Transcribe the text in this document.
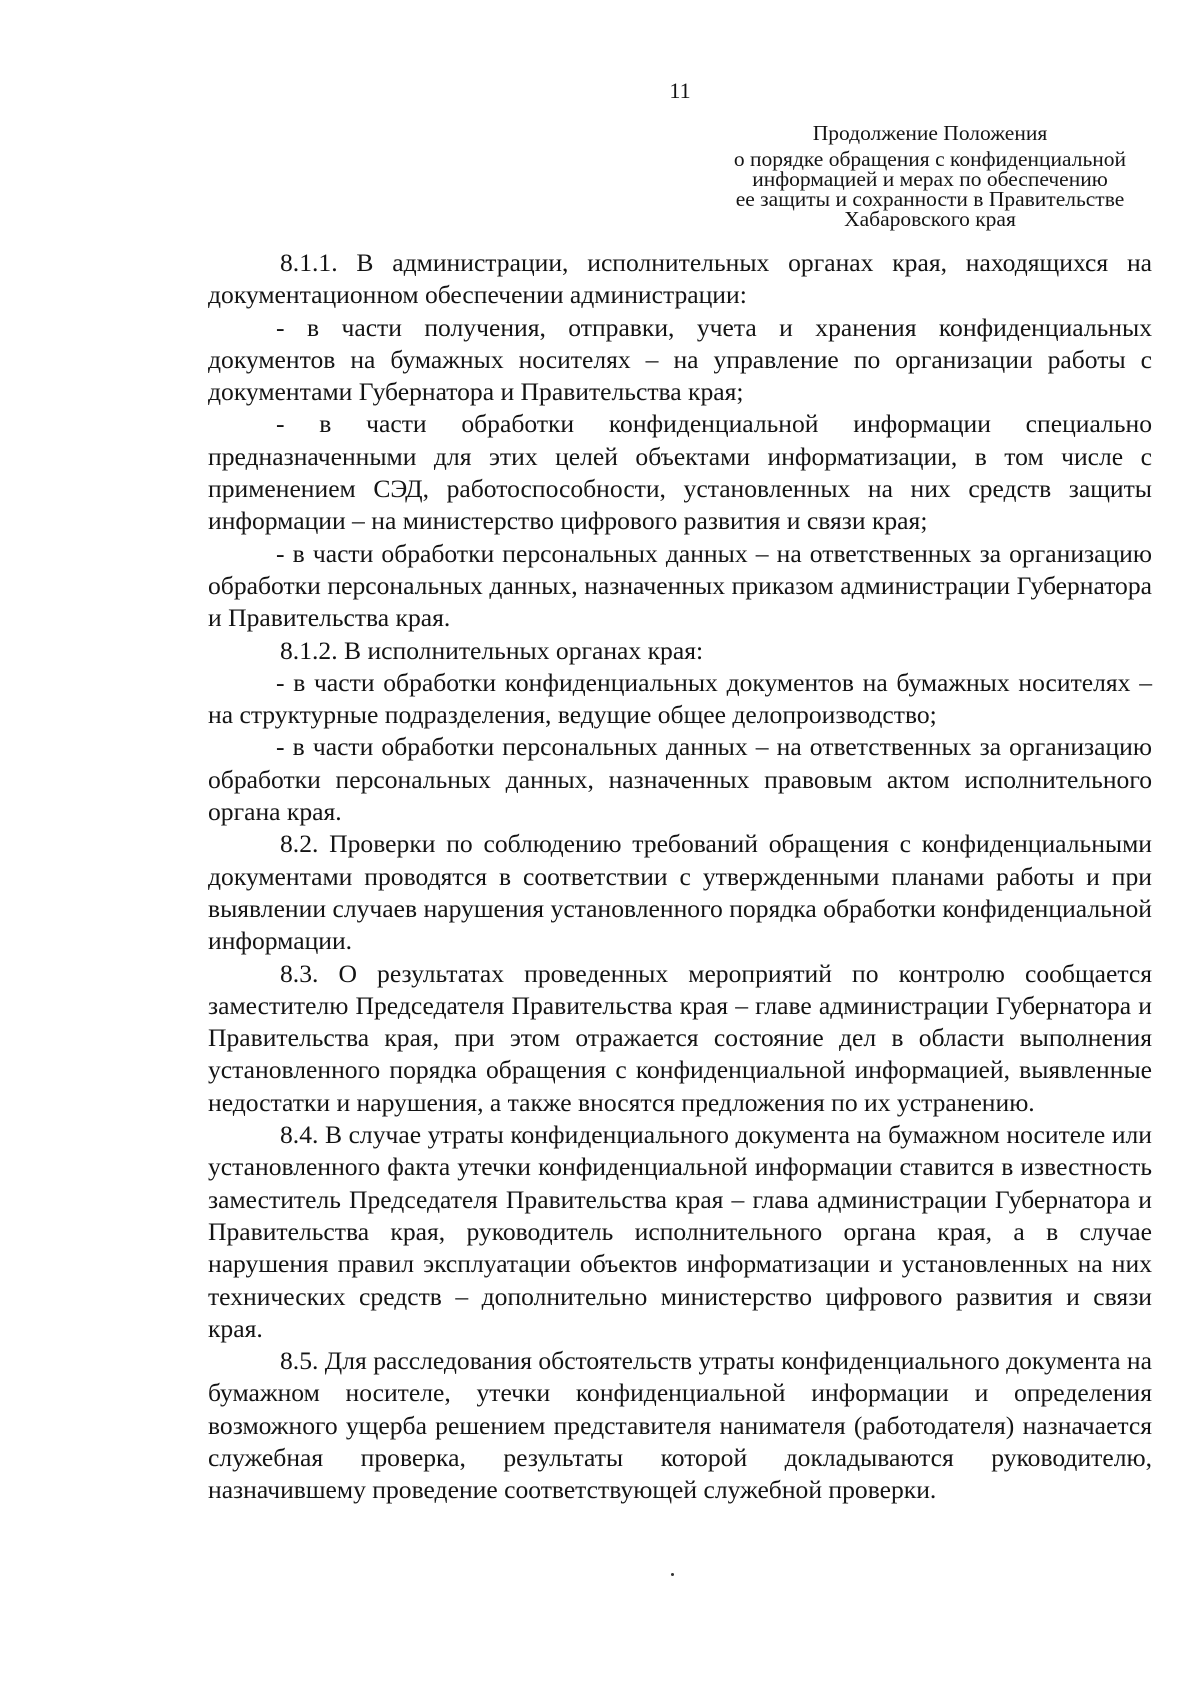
11
Продолжение Положения
о порядке обращения с конфиденциальной
информацией и мерах по обеспечению
ее защиты и сохранности в Правительстве
Хабаровского края

8.1.1. В администрации, исполнительных органах края, находящихся на документационном обеспечении администрации:

- в части получения, отправки, учета и хранения конфиденциальных документов на бумажных носителях – на управление по организации работы с документами Губернатора и Правительства края;

- в части обработки конфиденциальной информации специально предназначенными для этих целей объектами информатизации, в том числе с применением СЭД, работоспособности, установленных на них средств защиты информации – на министерство цифрового развития и связи края;

- в части обработки персональных данных – на ответственных за организацию обработки персональных данных, назначенных приказом администрации Губернатора и Правительства края.

8.1.2. В исполнительных органах края:

- в части обработки конфиденциальных документов на бумажных носителях – на структурные подразделения, ведущие общее делопроизводство;

- в части обработки персональных данных – на ответственных за организацию обработки персональных данных, назначенных правовым актом исполнительного органа края.

8.2. Проверки по соблюдению требований обращения с конфиденциальными документами проводятся в соответствии с утвержденными планами работы и при выявлении случаев нарушения установленного порядка обработки конфиденциальной информации.

8.3. О результатах проведенных мероприятий по контролю сообщается заместителю Председателя Правительства края – главе администрации Губернатора и Правительства края, при этом отражается состояние дел в области выполнения установленного порядка обращения с конфиденциальной информацией, выявленные недостатки и нарушения, а также вносятся предложения по их устранению.

8.4. В случае утраты конфиденциального документа на бумажном носителе или установленного факта утечки конфиденциальной информации ставится в известность заместитель Председателя Правительства края – глава администрации Губернатора и Правительства края, руководитель исполнительного органа края, а в случае нарушения правил эксплуатации объектов информатизации и установленных на них технических средств – дополнительно министерство цифрового развития и связи края.

8.5. Для расследования обстоятельств утраты конфиденциального документа на бумажном носителе, утечки конфиденциальной информации и определения возможного ущерба решением представителя нанимателя (работодателя) назначается служебная проверка, результаты которой докладываются руководителю, назначившему проведение соответствующей служебной проверки.
